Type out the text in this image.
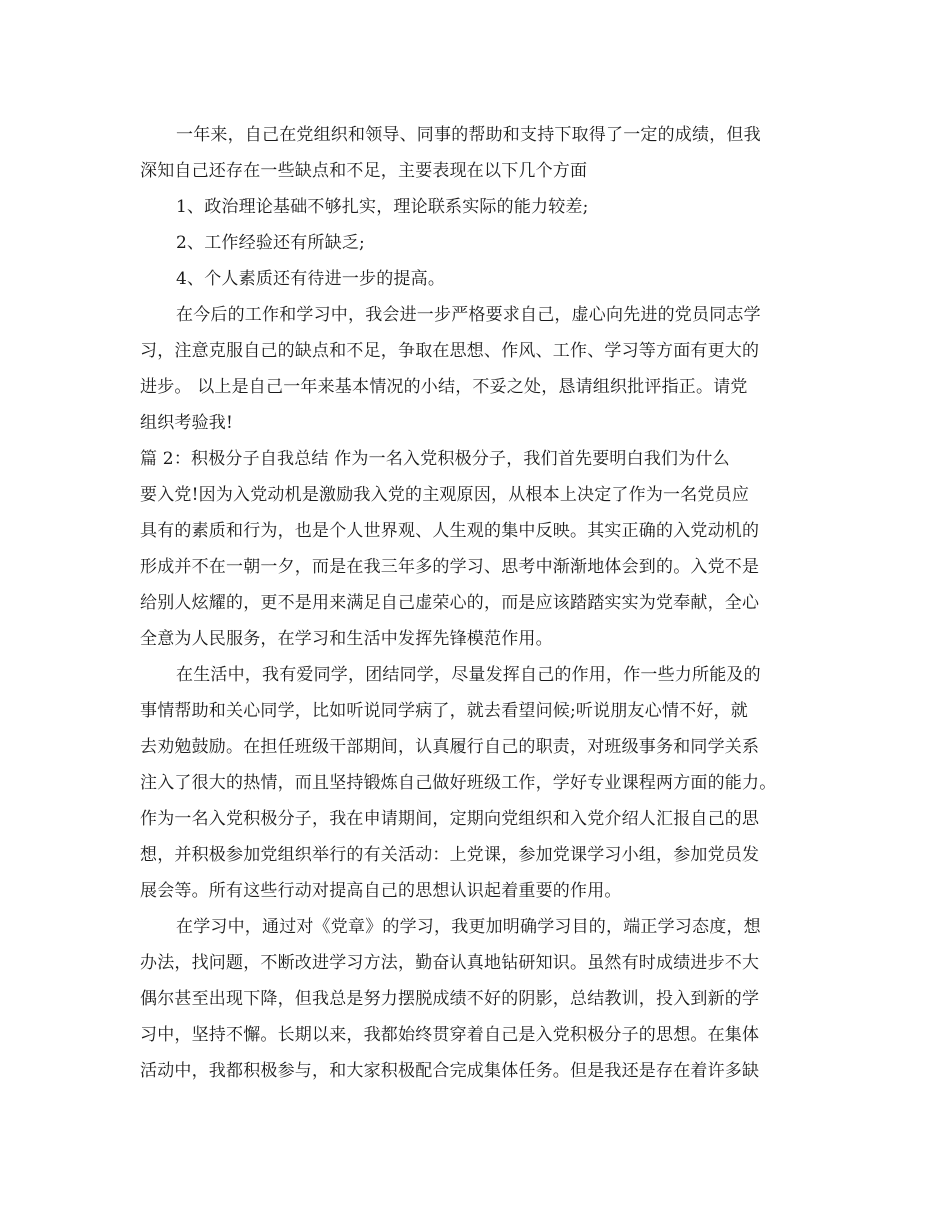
一年来，自己在党组织和领导、同事的帮助和支持下取得了一定的成绩，但我
深知自己还存在一些缺点和不足，主要表现在以下几个方面
1、政治理论基础不够扎实，理论联系实际的能力较差;
2、工作经验还有所缺乏;
4、个人素质还有待进一步的提高。
在今后的工作和学习中，我会进一步严格要求自己，虚心向先进的党员同志学
习，注意克服自己的缺点和不足，争取在思想、作风、工作、学习等方面有更大的
进步。 以上是自己一年来基本情况的小结，不妥之处，恳请组织批评指正。请党
组织考验我!
篇 2：积极分子自我总结 作为一名入党积极分子，我们首先要明白我们为什么
要入党!因为入党动机是激励我入党的主观原因，从根本上决定了作为一名党员应
具有的素质和行为，也是个人世界观、人生观的集中反映。其实正确的入党动机的
形成并不在一朝一夕，而是在我三年多的学习、思考中渐渐地体会到的。入党不是
给别人炫耀的，更不是用来满足自己虚荣心的，而是应该踏踏实实为党奉献，全心
全意为人民服务，在学习和生活中发挥先锋模范作用。
在生活中，我有爱同学，团结同学，尽量发挥自己的作用，作一些力所能及的
事情帮助和关心同学，比如听说同学病了，就去看望问候;听说朋友心情不好，就
去劝勉鼓励。在担任班级干部期间，认真履行自己的职责，对班级事务和同学关系
注入了很大的热情，而且坚持锻炼自己做好班级工作，学好专业课程两方面的能力。
作为一名入党积极分子，我在申请期间，定期向党组织和入党介绍人汇报自己的思
想，并积极参加党组织举行的有关活动：上党课，参加党课学习小组，参加党员发
展会等。所有这些行动对提高自己的思想认识起着重要的作用。
在学习中，通过对《党章》的学习，我更加明确学习目的，端正学习态度，想
办法，找问题，不断改进学习方法，勤奋认真地钻研知识。虽然有时成绩进步不大
偶尔甚至出现下降，但我总是努力摆脱成绩不好的阴影，总结教训，投入到新的学
习中，坚持不懈。长期以来，我都始终贯穿着自己是入党积极分子的思想。在集体
活动中，我都积极参与，和大家积极配合完成集体任务。但是我还是存在着许多缺
